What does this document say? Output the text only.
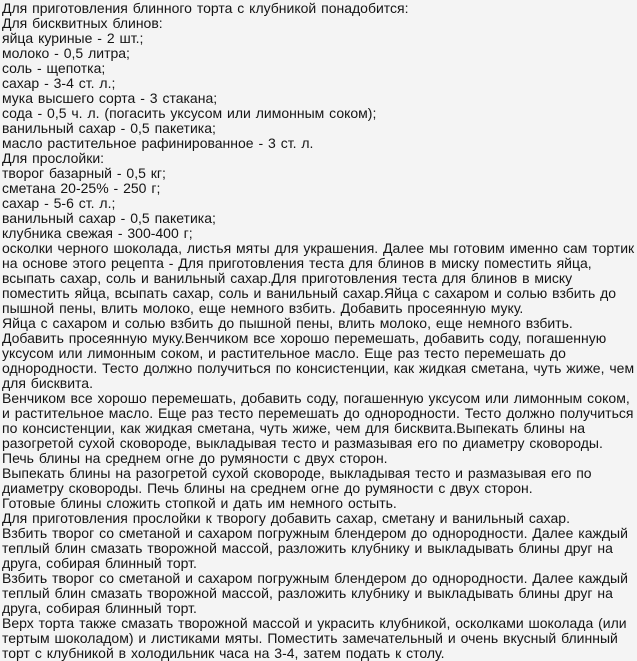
Для приготовления блинного торта с клубникой понадобится:

Для бисквитных блинов:

яйца куриные - 2 шт.;

молоко - 0,5 литра;

соль - щепотка;

сахар - 3-4 ст. л.;

мука высшего сорта - 3 стакана;

сода - 0,5 ч. л. (погасить уксусом или лимонным соком);

ванильный сахар - 0,5 пакетика;

масло растительное рафинированное - 3 ст. л.

Для прослойки:

творог базарный - 0,5 кг;

сметана 20-25% - 250 г;

сахар - 5-6 ст. л.;

ванильный сахар - 0,5 пакетика;

клубника свежая - 300-400 г;

осколки черного шоколада, листья мяты для украшения. Далее мы готовим именно сам тортик на основе этого рецепта - Для приготовления теста для блинов в миску поместить яйца, всыпать сахар, соль и ванильный сахар.Для приготовления теста для блинов в миску поместить яйца, всыпать сахар, соль и ванильный сахар.Яйца с сахаром и солью взбить до пышной пены, влить молоко, еще немного взбить. Добавить просеянную муку.

Яйца с сахаром и солью взбить до пышной пены, влить молоко, еще немного взбить. Добавить просеянную муку.Венчиком все хорошо перемешать, добавить соду, погашенную уксусом или лимонным соком, и растительное масло. Еще раз тесто перемешать до однородности. Тесто должно получиться по консистенции, как жидкая сметана, чуть жиже, чем для бисквита.

Венчиком все хорошо перемешать, добавить соду, погашенную уксусом или лимонным соком, и растительное масло. Еще раз тесто перемешать до однородности. Тесто должно получиться по консистенции, как жидкая сметана, чуть жиже, чем для бисквита.Выпекать блины на разогретой сухой сковороде, выкладывая тесто и размазывая его по диаметру сковороды. Печь блины на среднем огне до румяности с двух сторон.

Выпекать блины на разогретой сухой сковороде, выкладывая тесто и размазывая его по диаметру сковороды. Печь блины на среднем огне до румяности с двух сторон.

Готовые блины сложить стопкой и дать им немного остыть.

Для приготовления прослойки к творогу добавить сахар, сметану и ванильный сахар.

Взбить творог со сметаной и сахаром погружным блендером до однородности. Далее каждый теплый блин смазать творожной массой, разложить клубнику и выкладывать блины друг на друга, собирая блинный торт.

Взбить творог со сметаной и сахаром погружным блендером до однородности. Далее каждый теплый блин смазать творожной массой, разложить клубнику и выкладывать блины друг на друга, собирая блинный торт.

Верх торта также смазать творожной массой и украсить клубникой, осколками шоколада (или тертым шоколадом) и листиками мяты. Поместить замечательный и очень вкусный блинный торт с клубникой в холодильник часа на 3-4, затем подать к столу.
